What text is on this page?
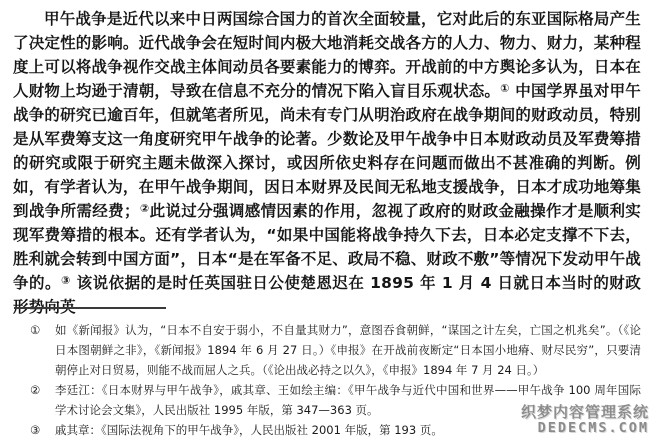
甲午战争是近代以来中日两国综合国力的首次全面较量，它对此后的东亚国际格局产生了决定性的影响。近代战争会在短时间内极大地消耗交战各方的人力、物力、财力，某种程度上可以将战争视作交战主体间动员各要素能力的博弈。开战前的中方舆论多认为，日本在人财物上均逊于清朝，导致在信息不充分的情况下陷入盲目乐观状态。① 中国学界虽对甲午战争的研究已逾百年，但就笔者所见，尚未有专门从明治政府在战争期间的财政动员，特别是从军费筹支这一角度研究甲午战争的论著。少数论及甲午战争中日本财政动员及军费筹措的研究或限于研究主题未做深入探讨，或因所依史料存在问题而做出不甚准确的判断。例如，有学者认为，在甲午战争期间，因日本财界及民间无私地支援战争，日本才成功地筹集到战争所需经费；②此说过分强调感情因素的作用，忽视了政府的财政金融操作才是顺利实现军费筹措的根本。还有学者认为，“如果中国能将战争持久下去，日本必定支撑不下去，胜利就会转到中国方面”，日本“是在军备不足、政局不稳、财政不敷”等情况下发动甲午战争的。③ 该说依据的是时任英国驻日公使楚恩迟在 1895 年 1 月 4 日就日本当时的财政形势向英

① 如《新闻报》认为，“日本不自安于弱小，不自量其财力”，意图吞食朝鲜，“谋国之计左矣，亡国之机兆矣”。（《论日本图朝鲜之非》，《新闻报》1894 年 6 月 27 日。）《申报》在开战前夜断定“日本国小地瘠、财尽民穷”，只要清朝停止对日贸易，则能不战而屈人之兵。（《论出战必持之以久》，《申报》1894 年 7 月 24 日。）
② 李廷江：《日本财界与甲午战争》，戚其章、王如绘主编：《甲午战争与近代中国和世界——甲午战争 100 周年国际学术讨论会文集》，人民出版社 1995 年版，第 347—363 页。
③ 戚其章：《国际法视角下的甲午战争》，人民出版社 2001 年版，第 193 页。
织梦内容管理系统
DEDECMS.COM
